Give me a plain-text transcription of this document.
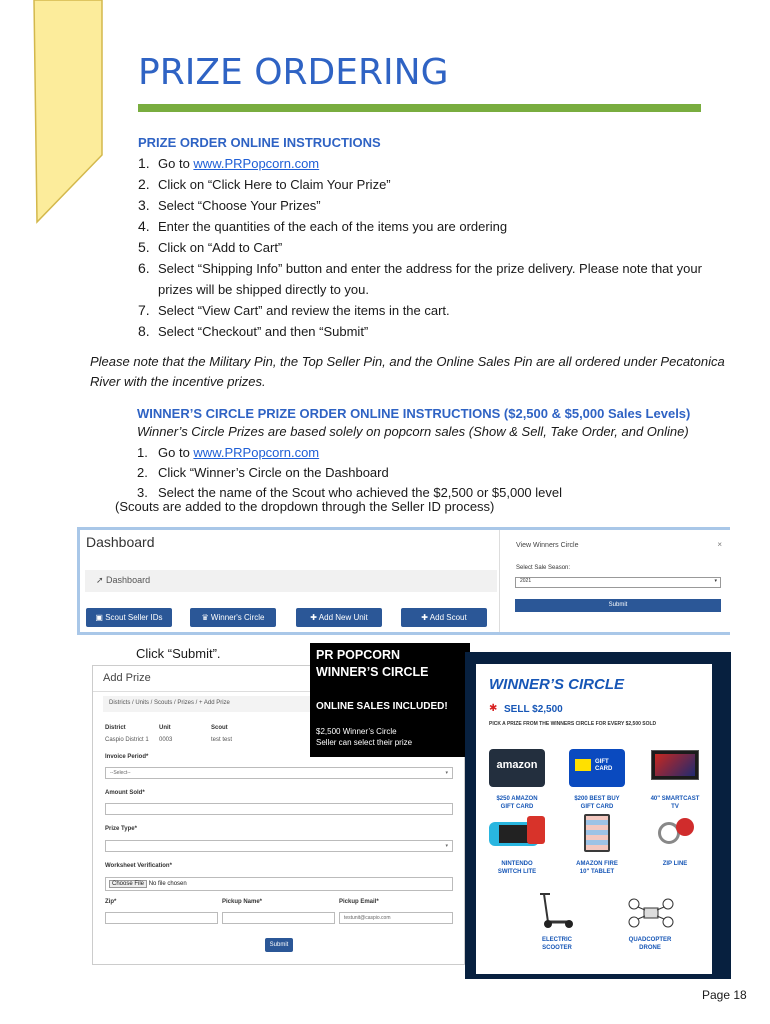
PRIZE ORDERING
PRIZE ORDER ONLINE INSTRUCTIONS
1. Go to www.PRPopcorn.com
2. Click on “Click Here to Claim Your Prize”
3. Select “Choose Your Prizes”
4. Enter the quantities of the each of the items you are ordering
5. Click on “Add to Cart”
6. Select “Shipping Info” button and enter the address for the prize delivery. Please note that your prizes will be shipped directly to you.
7. Select “View Cart” and review the items in the cart.
8. Select “Checkout” and then “Submit”
Please note that the Military Pin, the Top Seller Pin, and the Online Sales Pin are all ordered under Pecatonica River with the incentive prizes.
WINNER’S CIRCLE PRIZE ORDER ONLINE INSTRUCTIONS ($2,500 & $5,000 Sales Levels)
Winner’s Circle Prizes are based solely on popcorn sales (Show & Sell, Take Order, and Online)
1. Go to www.PRPopcorn.com
2. Click “Winner’s Circle on the Dashboard
3. Select the name of the Scout who achieved the $2,500 or $5,000 level
(Scouts are added to the dropdown through the Seller ID process)
Dashboard
➚ Dashboard
▣ Scout Seller IDs	♛ Winner's Circle	✚ Add New Unit	✚ Add Scout
View Winners Circle	×
Select Sale Season:
2021	▾
Submit
Click “Submit”.
Add Prize
Districts / Units / Scouts / Prizes / + Add Prize
District
Caspio District 1
Unit
0003
Scout
test test
Invoice Period*
--Select--	▾
Amount Sold*
Prize Type*
▾
Worksheet Verification*
Choose File No file chosen
Zip*	Pickup Name*	Pickup Email*
testunit@caspio.com
Submit
PR POPCORN
WINNER’S CIRCLE
ONLINE SALES INCLUDED!
$2,500 Winner’s Circle
Seller can select their prize
WINNER’S CIRCLE
✱ SELL $2,500
PICK A PRIZE FROM THE WINNERS CIRCLE FOR EVERY $2,500 SOLD
amazon	GIFT CARD
$250 AMAZON
GIFT CARD
$200 BEST BUY
GIFT CARD
40" SMARTCAST
TV
NINTENDO
SWITCH LITE
AMAZON FIRE
10" TABLET
ZIP LINE
ELECTRIC
SCOOTER
QUADCOPTER
DRONE
Page 18
